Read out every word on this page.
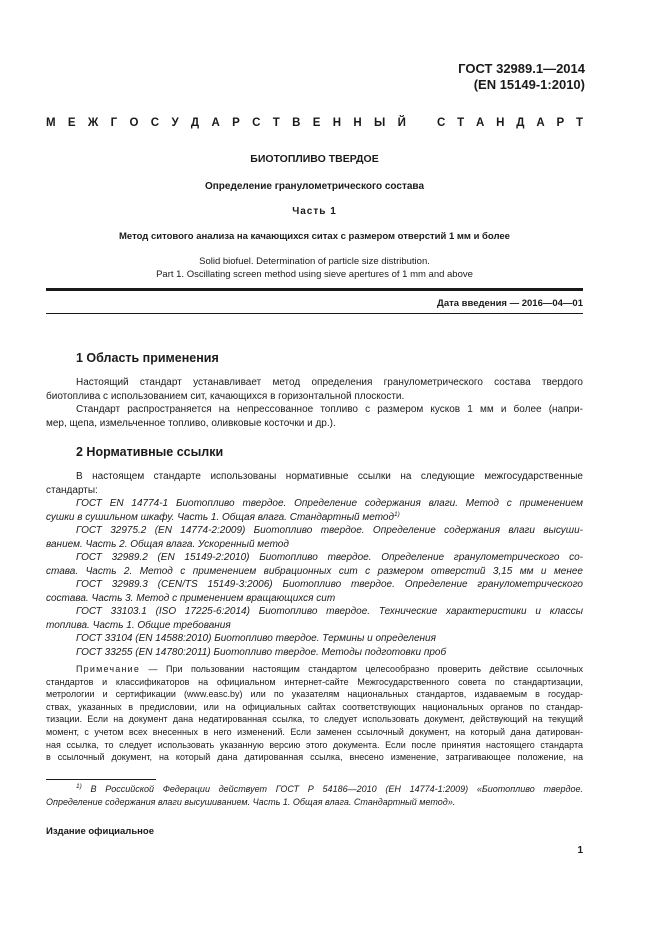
ГОСТ 32989.1—2014
(EN 15149-1:2010)
М Е Ж Г О С У Д А Р С Т В Е Н Н Ы Й	С Т А Н Д А Р Т
БИОТОПЛИВО ТВЕРДОЕ
Определение гранулометрического состава
Часть 1
Метод ситового анализа на качающихся ситах с размером отверстий 1 мм и более
Solid biofuel. Determination of particle size distribution.
Part 1. Oscillating screen method using sieve apertures of 1 mm and above
Дата введения — 2016—04—01
1 Область применения
Настоящий стандарт устанавливает метод определения гранулометрического состава твердого
биотоплива с использованием сит, качающихся в горизонтальной плоскости.
Стандарт распространяется на непрессованное топливо с размером кусков 1 мм и более (напри-
мер, щепа, измельченное топливо, оливковые косточки и др.).
2 Нормативные ссылки
В настоящем стандарте использованы нормативные ссылки на следующие межгосударственные
стандарты:
ГОСТ EN 14774-1 Биотопливо твердое. Определение содержания влаги. Метод с применением
сушки в сушильном шкафу. Часть 1. Общая влага. Стандартный метод$^{1)}$
ГОСТ 32975.2 (EN 14774-2:2009) Биотопливо твердое. Определение содержания влаги высуши-
ванием. Часть 2. Общая влага. Ускоренный метод
ГОСТ 32989.2 (EN 15149-2:2010) Биотопливо твердое. Определение гранулометрического со-
става. Часть 2. Метод с применением вибрационных сит с размером отверстий 3,15 мм и менее
ГОСТ 32989.3 (CEN/TS 15149-3:2006) Биотопливо твердое. Определение гранулометрического
состава. Часть 3. Метод с применением вращающихся сит
ГОСТ 33103.1 (ISO 17225-6:2014) Биотопливо твердое. Технические характеристики и классы
топлива. Часть 1. Общие требования
ГОСТ 33104 (EN 14588:2010) Биотопливо твердое. Термины и определения
ГОСТ 33255 (EN 14780:2011) Биотопливо твердое. Методы подготовки проб
Примечание — При пользовании настоящим стандартом целесообразно проверить действие ссылочных
стандартов и классификаторов на официальном интернет-сайте Межгосударственного совета по стандартизации,
метрологии и сертификации (www.easc.by) или по указателям национальных стандартов, издаваемым в государ-
ствах, указанных в предисловии, или на официальных сайтах соответствующих национальных органов по стандар-
тизации. Если на документ дана недатированная ссылка, то следует использовать документ, действующий на текущий
момент, с учетом всех внесенных в него изменений. Если заменен ссылочный документ, на который дана датирован-
ная ссылка, то следует использовать указанную версию этого документа. Если после принятия настоящего стандарта
в ссылочный документ, на который дана датированная ссылка, внесено изменение, затрагивающее положение, на
$^{1)}$ В Российской Федерации действует ГОСТ Р 54186—2010 (ЕН 14774-1:2009) «Биотопливо твердое.
Определение содержания влаги высушиванием. Часть 1. Общая влага. Стандартный метод».
Издание официальное
1
